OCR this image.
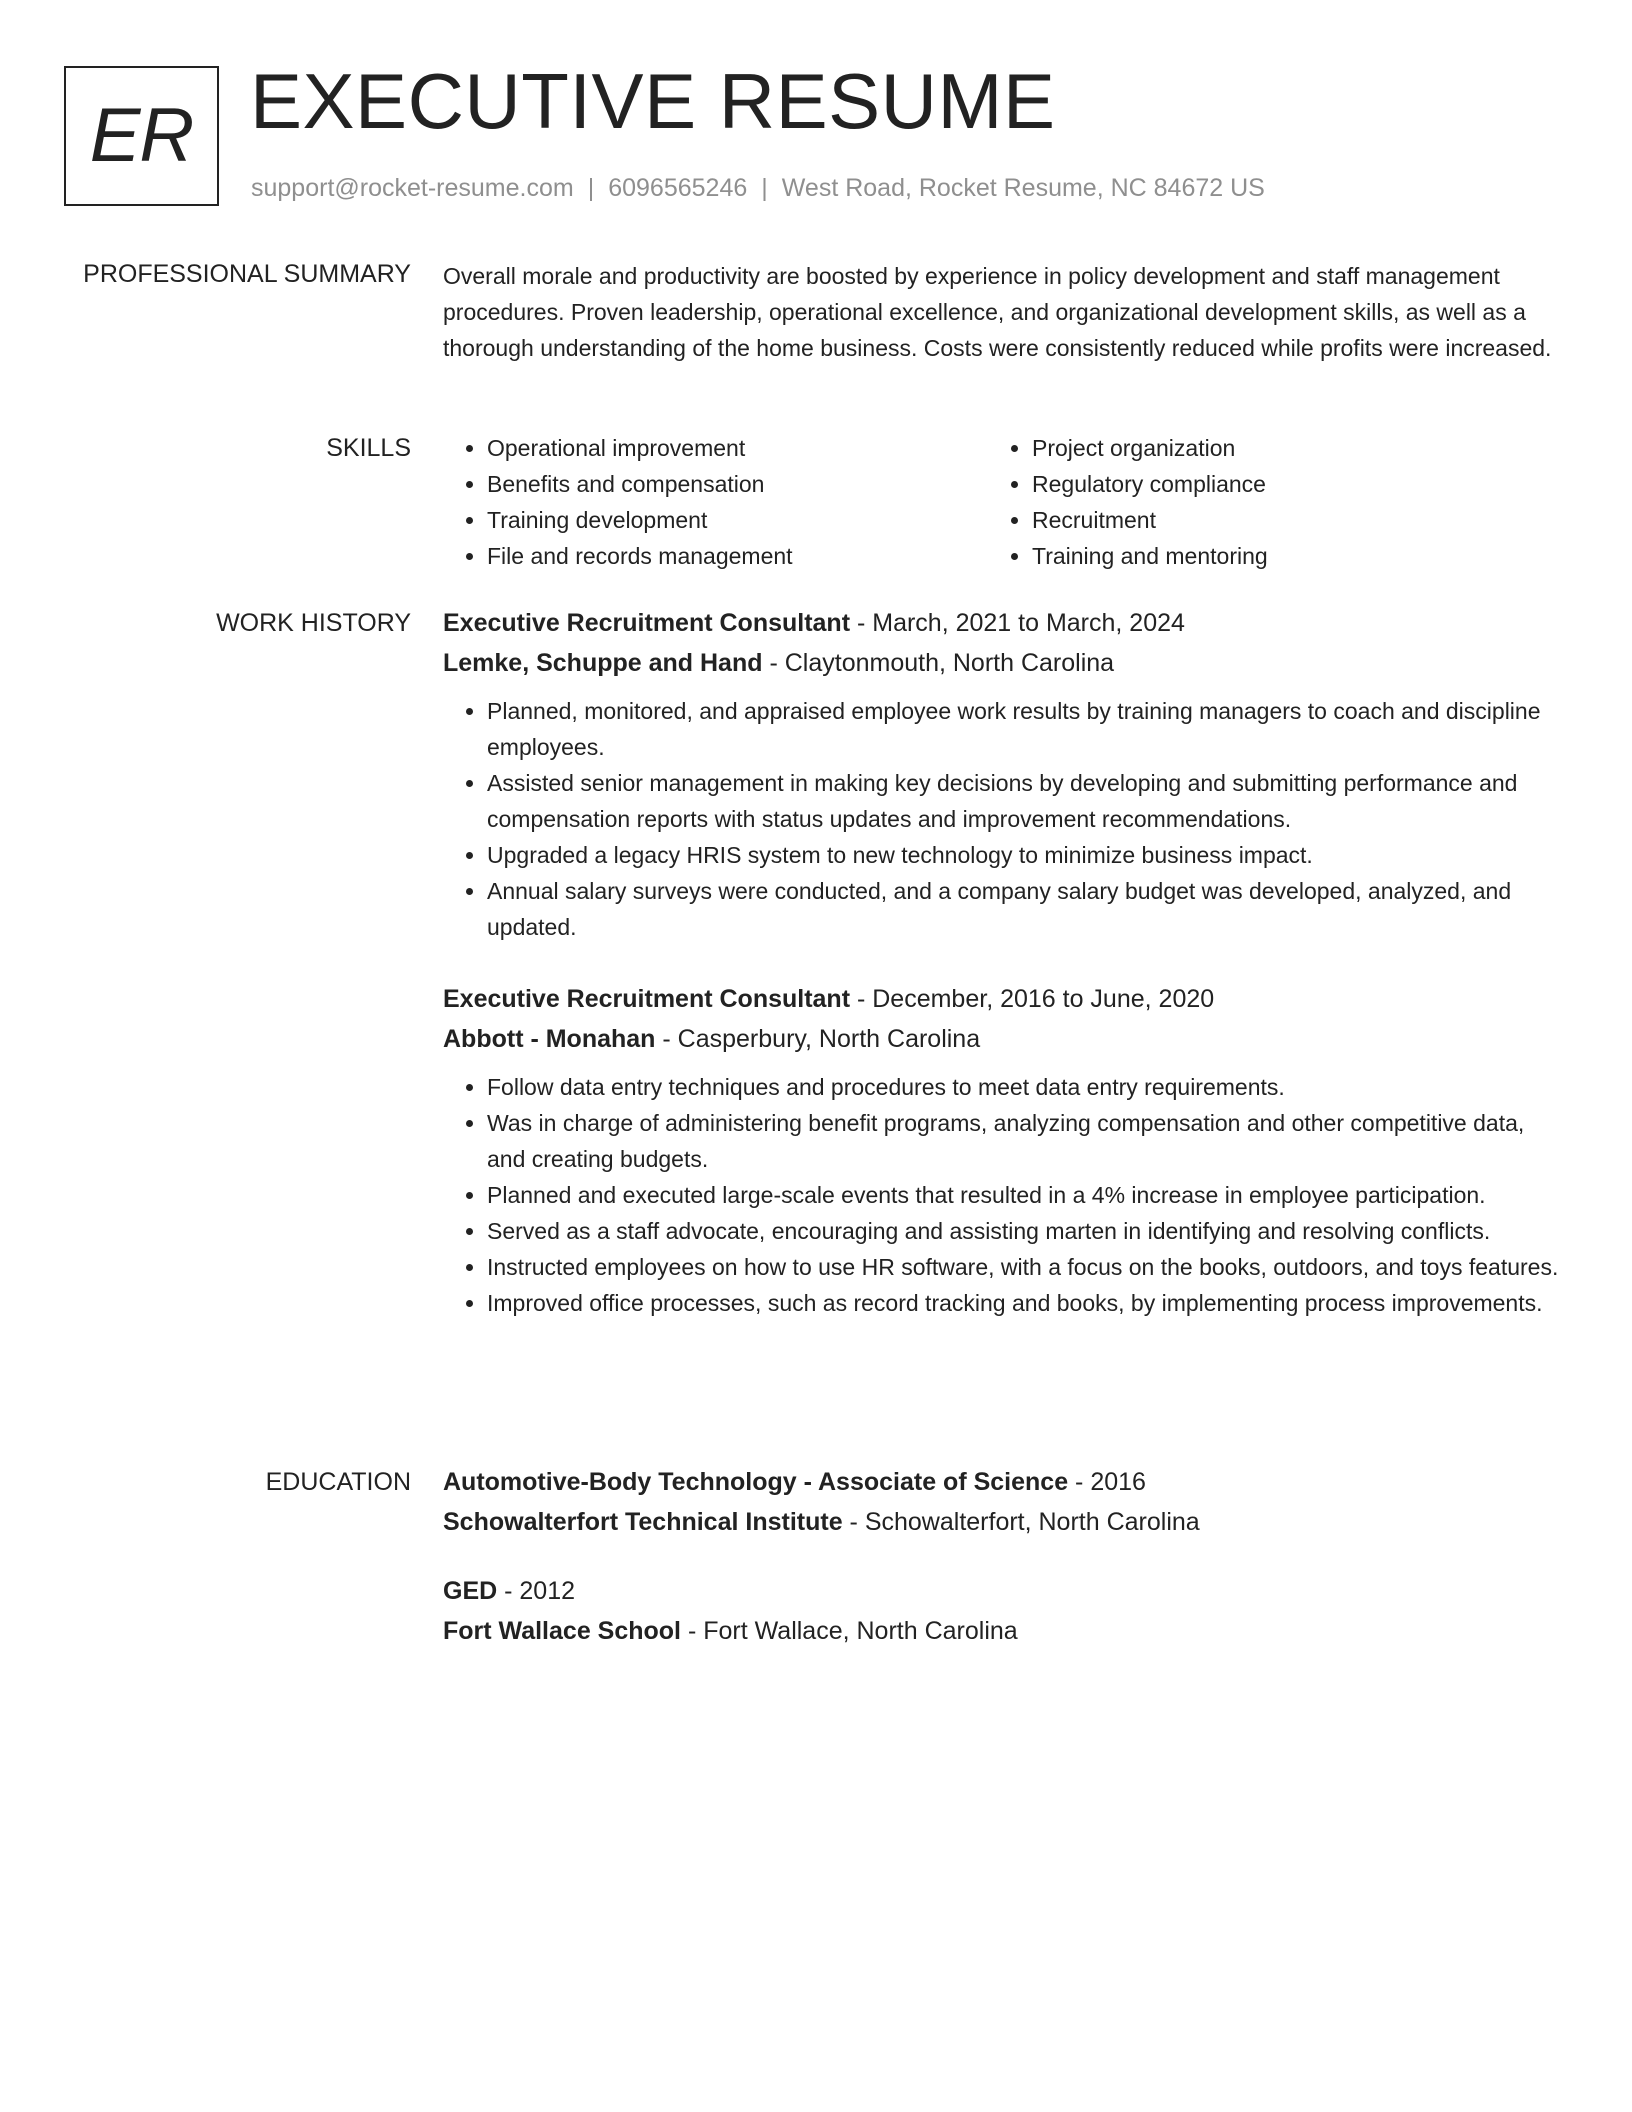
ER EXECUTIVE RESUME
support@rocket-resume.com | 6096565246 | West Road, Rocket Resume, NC 84672 US
PROFESSIONAL SUMMARY Overall morale and productivity are boosted by experience in policy development and staff management procedures. Proven leadership, operational excellence, and organizational development skills, as well as a thorough understanding of the home business. Costs were consistently reduced while profits were increased.

SKILLS
•	Operational improvement
• Benefits and compensation
• Training development
• File and records management
• Project organization
• Regulatory compliance
• Recruitment
• Training and mentoring
WORK HISTORY Executive Recruitment Consultant - March, 2021 to March, 2024

Lemke, Schuppe and Hand - Claytonmouth, North Carolina

• Planned, monitored, and appraised employee work results by training managers to coach and discipline employees.
• Assisted senior management in making key decisions by developing and submitting performance and compensation reports with status updates and improvement recommendations.
• Upgraded a legacy HRIS system to new technology to minimize business impact.
• Annual salary surveys were conducted, and a company salary budget was developed, analyzed, and updated.

Executive Recruitment Consultant - December, 2016 to June, 2020

Abbott - Monahan - Casperbury, North Carolina

• Follow data entry techniques and procedures to meet data entry requirements.
• Was in charge of administering benefit programs, analyzing compensation and other competitive data, and creating budgets.
• Planned and executed large-scale events that resulted in a 4% increase in employee participation.
• Served as a staff advocate, encouraging and assisting marten in identifying and resolving conflicts.
• Instructed employees on how to use HR software, with a focus on the books, outdoors, and toys features.
• Improved office processes, such as record tracking and books, by implementing process improvements.
EDUCATION Automotive-Body Technology - Associate of Science - 2016

Schowalterfort Technical Institute - Schowalterfort, North Carolina

GED - 2012

Fort Wallace School - Fort Wallace, North Carolina
